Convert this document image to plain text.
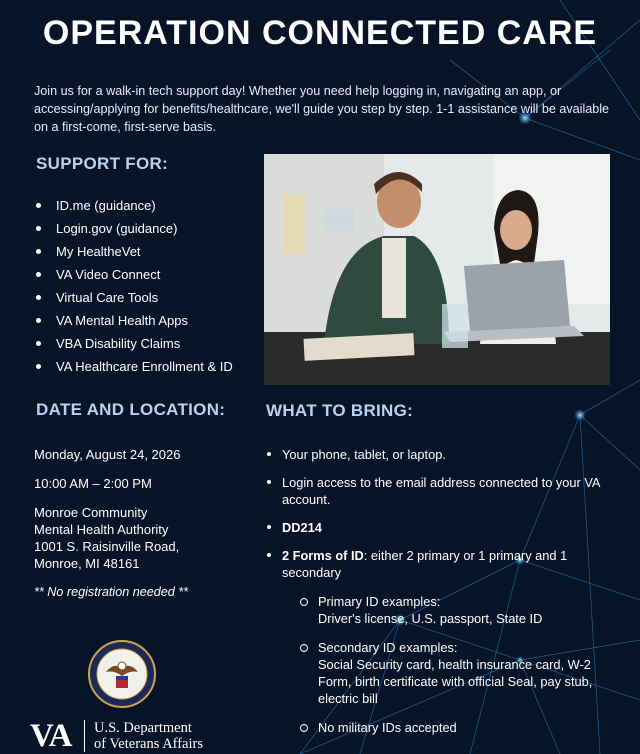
OPERATION CONNECTED CARE
Join us for a walk-in tech support day! Whether you need help logging in, navigating an app, or accessing/applying for benefits/healthcare, we'll guide you step by step. 1-1 assistance will be available on a first-come, first-serve basis.
SUPPORT FOR:
ID.me (guidance)
Login.gov (guidance)
My HealtheVet
VA Video Connect
Virtual Care Tools
VA Mental Health Apps
VBA Disability Claims
VA Healthcare Enrollment & ID
DATE AND LOCATION: WHAT TO BRING:
Monday, August 24, 2026
10:00 AM – 2:00 PM
Monroe Community
Mental Health Authority
1001 S. Raisinville Road,
Monroe, MI 48161
** No registration needed **
Your phone, tablet, or laptop.
Login access to the email address connected to your VA account.
DD214
2 Forms of ID: either 2 primary or 1 primary and 1 secondary
Primary ID examples:
Driver's license, U.S. passport, State ID
Secondary ID examples:
Social Security card, health insurance card, W-2 Form, birth certificate with official Seal, pay stub, electric bill
No military IDs accepted
VA U.S. Department
of Veterans Affairs
